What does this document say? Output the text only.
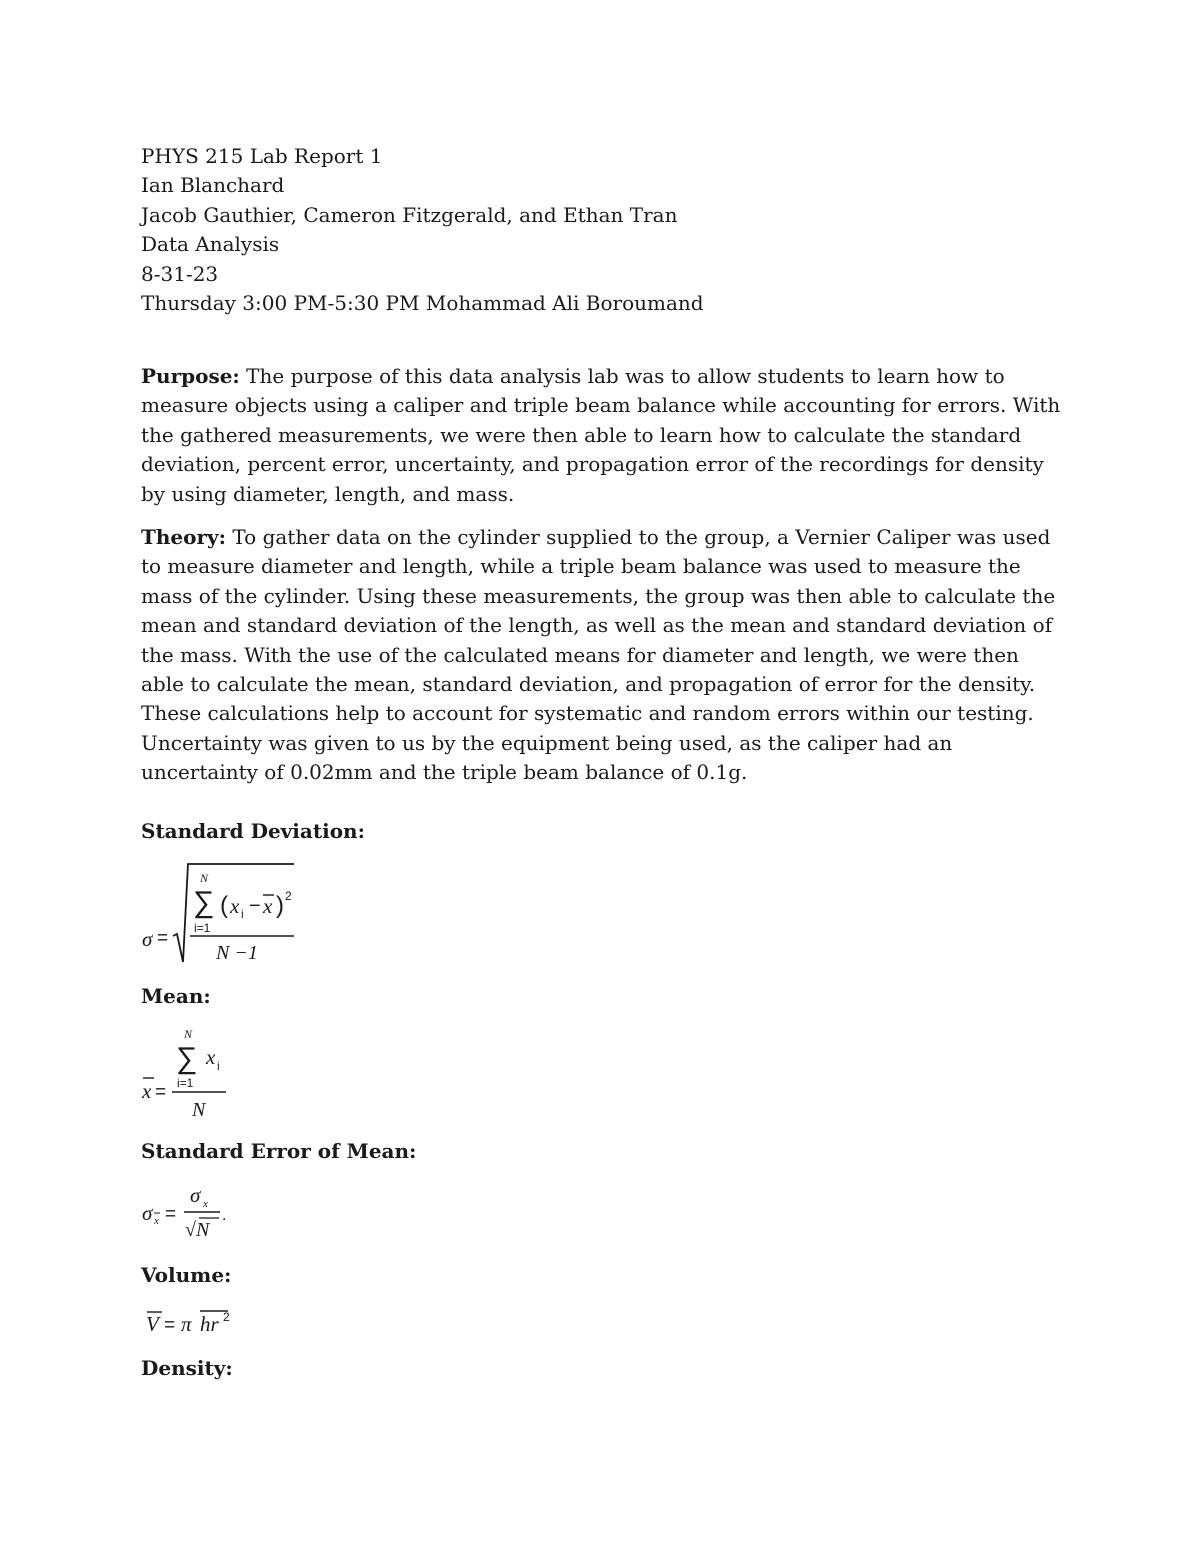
PHYS 215 Lab Report 1
Ian Blanchard
Jacob Gauthier, Cameron Fitzgerald, and Ethan Tran
Data Analysis
8-31-23
Thursday 3:00 PM-5:30 PM Mohammad Ali Boroumand
Purpose: The purpose of this data analysis lab was to allow students to learn how to measure objects using a caliper and triple beam balance while accounting for errors. With the gathered measurements, we were then able to learn how to calculate the standard deviation, percent error, uncertainty, and propagation error of the recordings for density by using diameter, length, and mass.
Theory: To gather data on the cylinder supplied to the group, a Vernier Caliper was used to measure diameter and length, while a triple beam balance was used to measure the mass of the cylinder. Using these measurements, the group was then able to calculate the mean and standard deviation of the length, as well as the mean and standard deviation of the mass. With the use of the calculated means for diameter and length, we were then able to calculate the mean, standard deviation, and propagation of error for the density. These calculations help to account for systematic and random errors within our testing. Uncertainty was given to us by the equipment being used, as the caliper had an uncertainty of 0.02mm and the triple beam balance of 0.1g.
Standard Deviation:
σ =
N
∑
i=1
( x i − x ) 2
N −1
Mean:
N
∑
i=1
x i
x =
N
Standard Error of Mean:
σ x =
σ x
√N
.
Volume:
V = π hr 2
Density:
